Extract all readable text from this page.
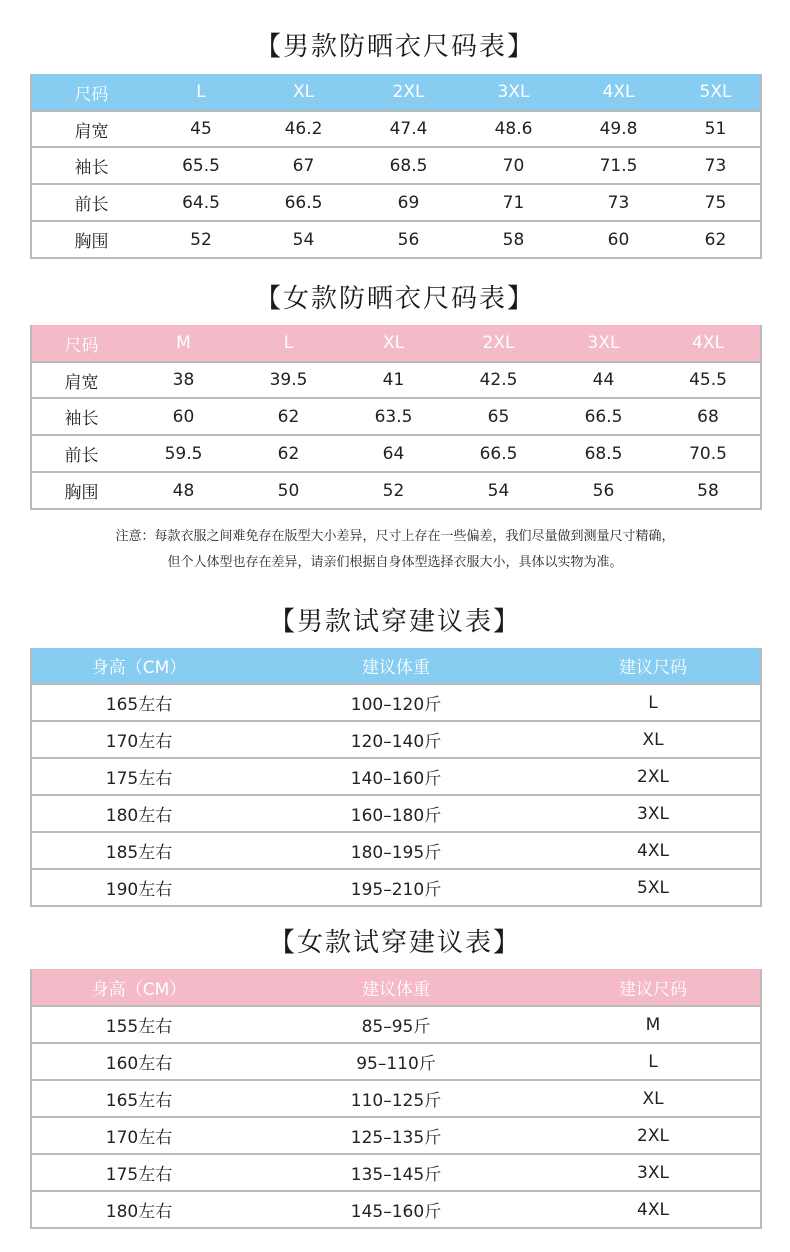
【男款防晒衣尺码表】
尺码	L	XL	2XL	3XL	4XL	5XL
肩宽	45	46.2	47.4	48.6	49.8	51
袖长	65.5	67	68.5	70	71.5	73
前长	64.5	66.5	69	71	73	75
胸围	52	54	56	58	60	62
【女款防晒衣尺码表】
尺码	M	L	XL	2XL	3XL	4XL
肩宽	38	39.5	41	42.5	44	45.5
袖长	60	62	63.5	65	66.5	68
前长	59.5	62	64	66.5	68.5	70.5
胸围	48	50	52	54	56	58
注意：每款衣服之间难免存在版型大小差异，尺寸上存在一些偏差，我们尽量做到测量尺寸精确，
但个人体型也存在差异，请亲们根据自身体型选择衣服大小，具体以实物为准。
【男款试穿建议表】
身高（CM）	建议体重	建议尺码
165左右	100–120斤	L
170左右	120–140斤	XL
175左右	140–160斤	2XL
180左右	160–180斤	3XL
185左右	180–195斤	4XL
190左右	195–210斤	5XL
【女款试穿建议表】
身高（CM）	建议体重	建议尺码
155左右	85–95斤	M
160左右	95–110斤	L
165左右	110–125斤	XL
170左右	125–135斤	2XL
175左右	135–145斤	3XL
180左右	145–160斤	4XL
